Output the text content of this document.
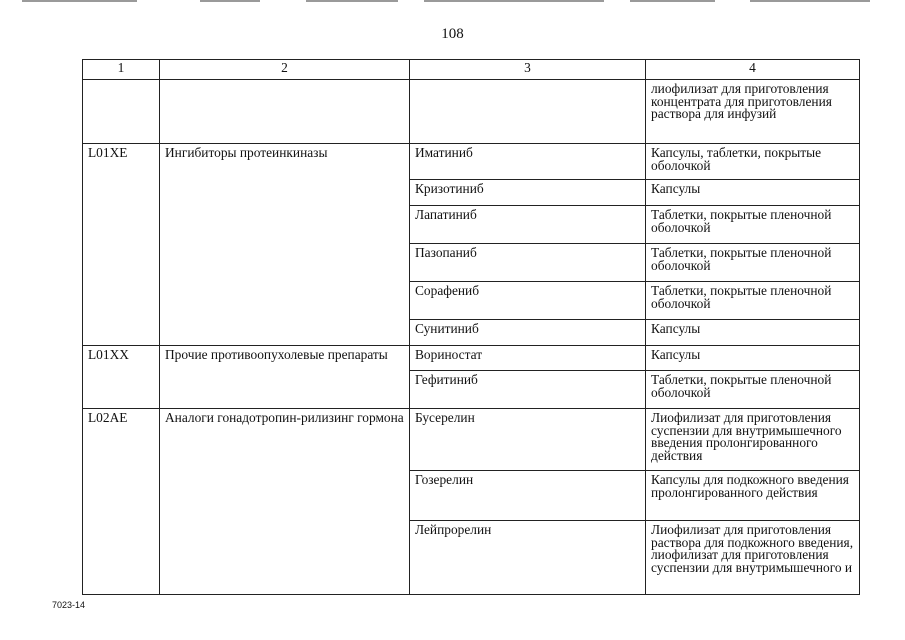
108
1	2	3	4
			лиофилизат для приготовления концентрата для приготовления раствора для инфузий
L01XE	Ингибиторы протеинкиназы	Иматиниб	Капсулы, таблетки, покрытые оболочкой
		Кризотиниб	Капсулы
		Лапатиниб	Таблетки, покрытые пленочной оболочкой
		Пазопаниб	Таблетки, покрытые пленочной оболочкой
		Сорафениб	Таблетки, покрытые пленочной оболочкой
		Сунитиниб	Капсулы
L01XX	Прочие противоопухолевые препараты	Вориностат	Капсулы
		Гефитиниб	Таблетки, покрытые пленочной оболочкой
L02AE	Аналоги гонадотропин-рилизинг гормона	Бусерелин	Лиофилизат для приготовления суспензии для внутримышечного введения пролонгированного действия
		Гозерелин	Капсулы для подкожного введения пролонгированного действия
		Лейпрорелин	Лиофилизат для приготовления раствора для подкожного введения, лиофилизат для приготовления суспензии для внутримышечного и
7023-14
